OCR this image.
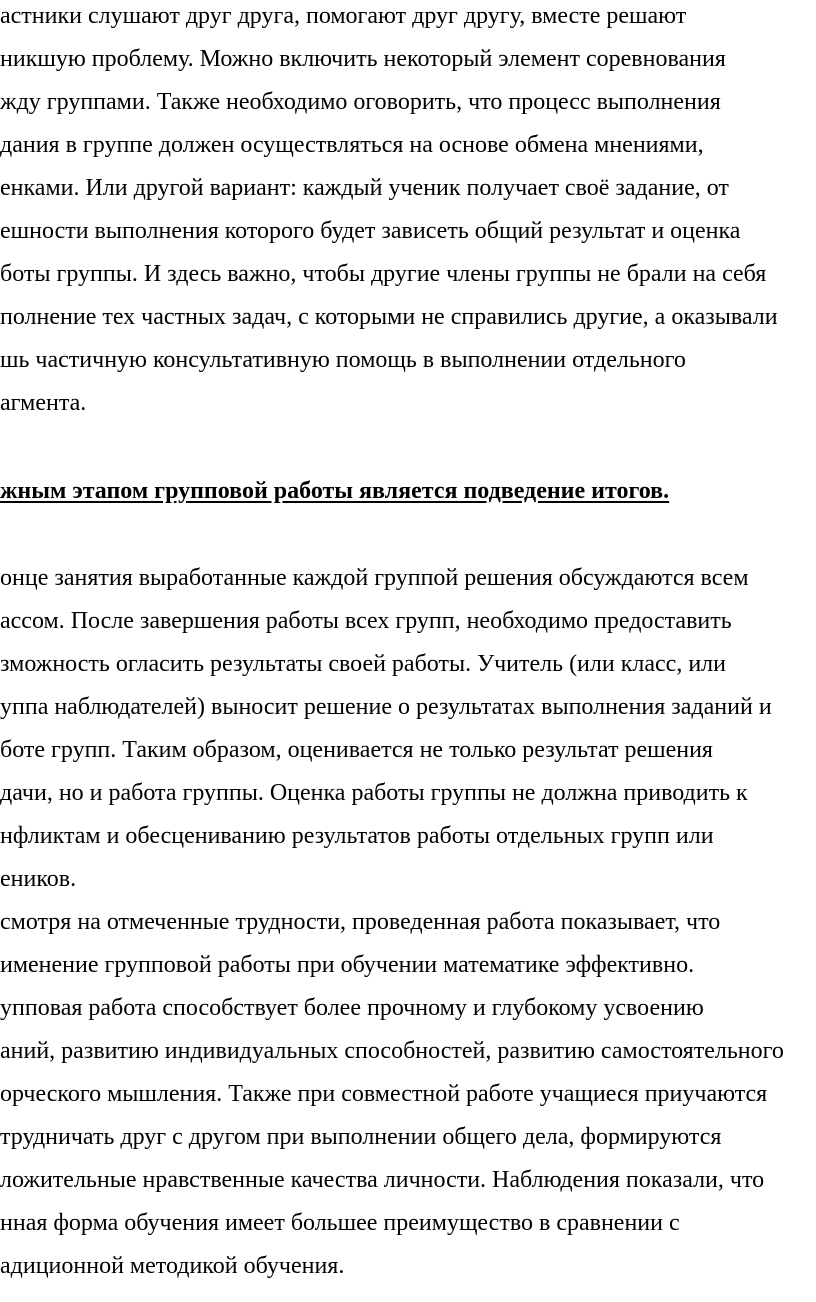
астники слушают друг друга, помогают друг другу, вместе решают
никшую проблему. Можно включить некоторый элемент соревнования
жду группами. Также необходимо оговорить, что процесс выполнения
дания в группе должен осуществляться на основе обмена мнениями,
енками. Или другой вариант: каждый ученик получает своё задание, от
ешности выполнения которого будет зависеть общий результат и оценка
боты группы. И здесь важно, чтобы другие члены группы не брали на себя
полнение тех частных задач, с которыми не справились другие, а оказывали
шь частичную консультативную помощь в выполнении отдельного
агмента.
жным этапом групповой работы является подведение итогов.
онце занятия выработанные каждой группой решения обсуждаются всем
ассом. После завершения работы всех групп, необходимо предоставить
зможность огласить результаты своей работы. Учитель (или класс, или
уппа наблюдателей) выносит решение о результатах выполнения заданий и
боте групп. Таким образом, оценивается не только результат решения
дачи, но и работа группы. Оценка работы группы не должна приводить к
нфликтам и обесцениванию результатов работы отдельных групп или
еников.
смотря на отмеченные трудности, проведенная работа показывает, что
именение групповой работы при обучении математике эффективно.
упповая работа способствует более прочному и глубокому усвоению
аний, развитию индивидуальных способностей, развитию самостоятельного
орческого мышления. Также при совместной работе учащиеся приучаются
трудничать друг с другом при выполнении общего дела, формируются
ложительные нравственные качества личности. Наблюдения показали, что
нная форма обучения имеет большее преимущество в сравнении с
адиционной методикой обучения.
